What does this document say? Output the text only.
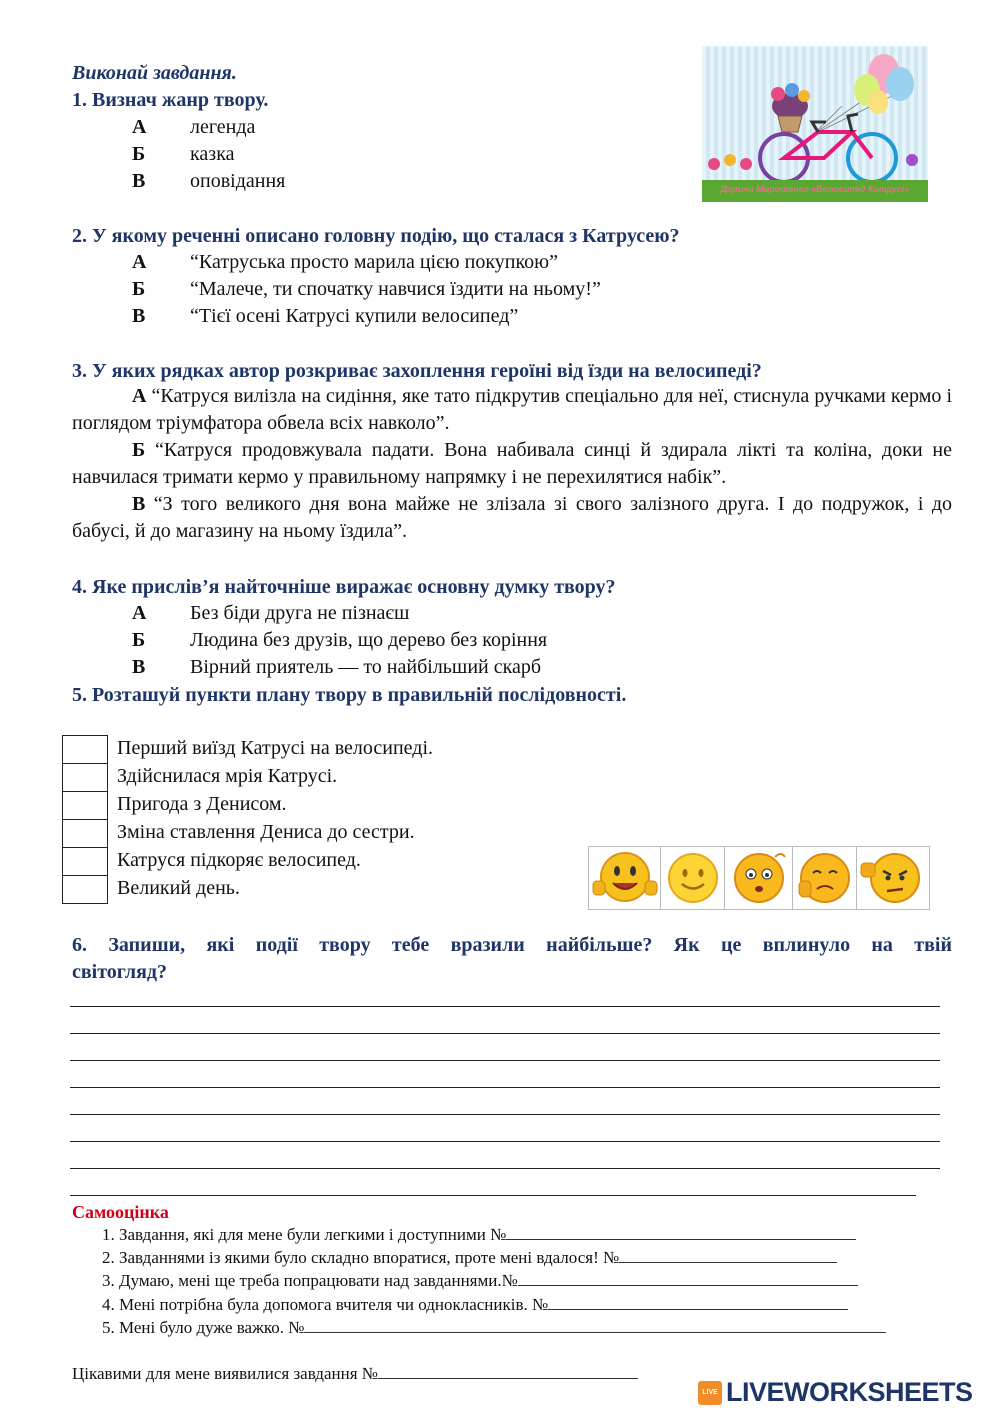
Виконай завдання.
1. Визнач жанр твору.
А легенда
Б казка
В оповідання	Дарина Мирошенко «Велосипед Катрусі»
2. У якому реченні описано головну подію, що сталася з Катрусею?
А “Катруська просто марила цією покупкою”
Б “Малече, ти спочатку навчися їздити на ньому!”
В “Тієї осені Катрусі купили велосипед”
3. У яких рядках автор розкриває захоплення героїні від їзди на велосипеді?
А “Катруся вилізла на сидіння, яке тато підкрутив спеціально для неї, стиснула ручками кермо і поглядом тріумфатора обвела всіх навколо”.
Б “Катруся продовжувала падати. Вона набивала синці й здирала лікті та коліна, доки не навчилася тримати кермо у правильному напрямку і не перехилятися набік”.
В “З того великого дня вона майже не злізала зі свого залізного друга. І до подружок, і до бабусі, й до магазину на ньому їздила”.
4. Яке прислів’я найточніше виражає основну думку твору?
А Без біди друга не пізнаєш
Б Людина без друзів, що дерево без коріння
В Вірний приятель — то найбільший скарб
5. Розташуй пункти плану твору в правильній послідовності.
Перший виїзд Катрусі на велосипеді.
Здійснилася мрія Катрусі.
Пригода з Денисом.
Зміна ставлення Дениса до сестри.
Катруся підкоряє велосипед.
Великий день.
6. Запиши, які події твору тебе вразили найбільше? Як це вплинуло на твій
світогляд?
Самооцінка
1. Завдання, які для мене були легкими і доступними №
2. Завданнями із якими було складно впоратися, проте мені вдалося! №
3. Думаю, мені ще треба попрацювати над завданнями.№
4. Мені потрібна була допомога вчителя чи однокласників. №
5. Мені було дуже важко. №
Цікавими для мене виявилися завдання №
LIVE LIVEWORKSHEETS
